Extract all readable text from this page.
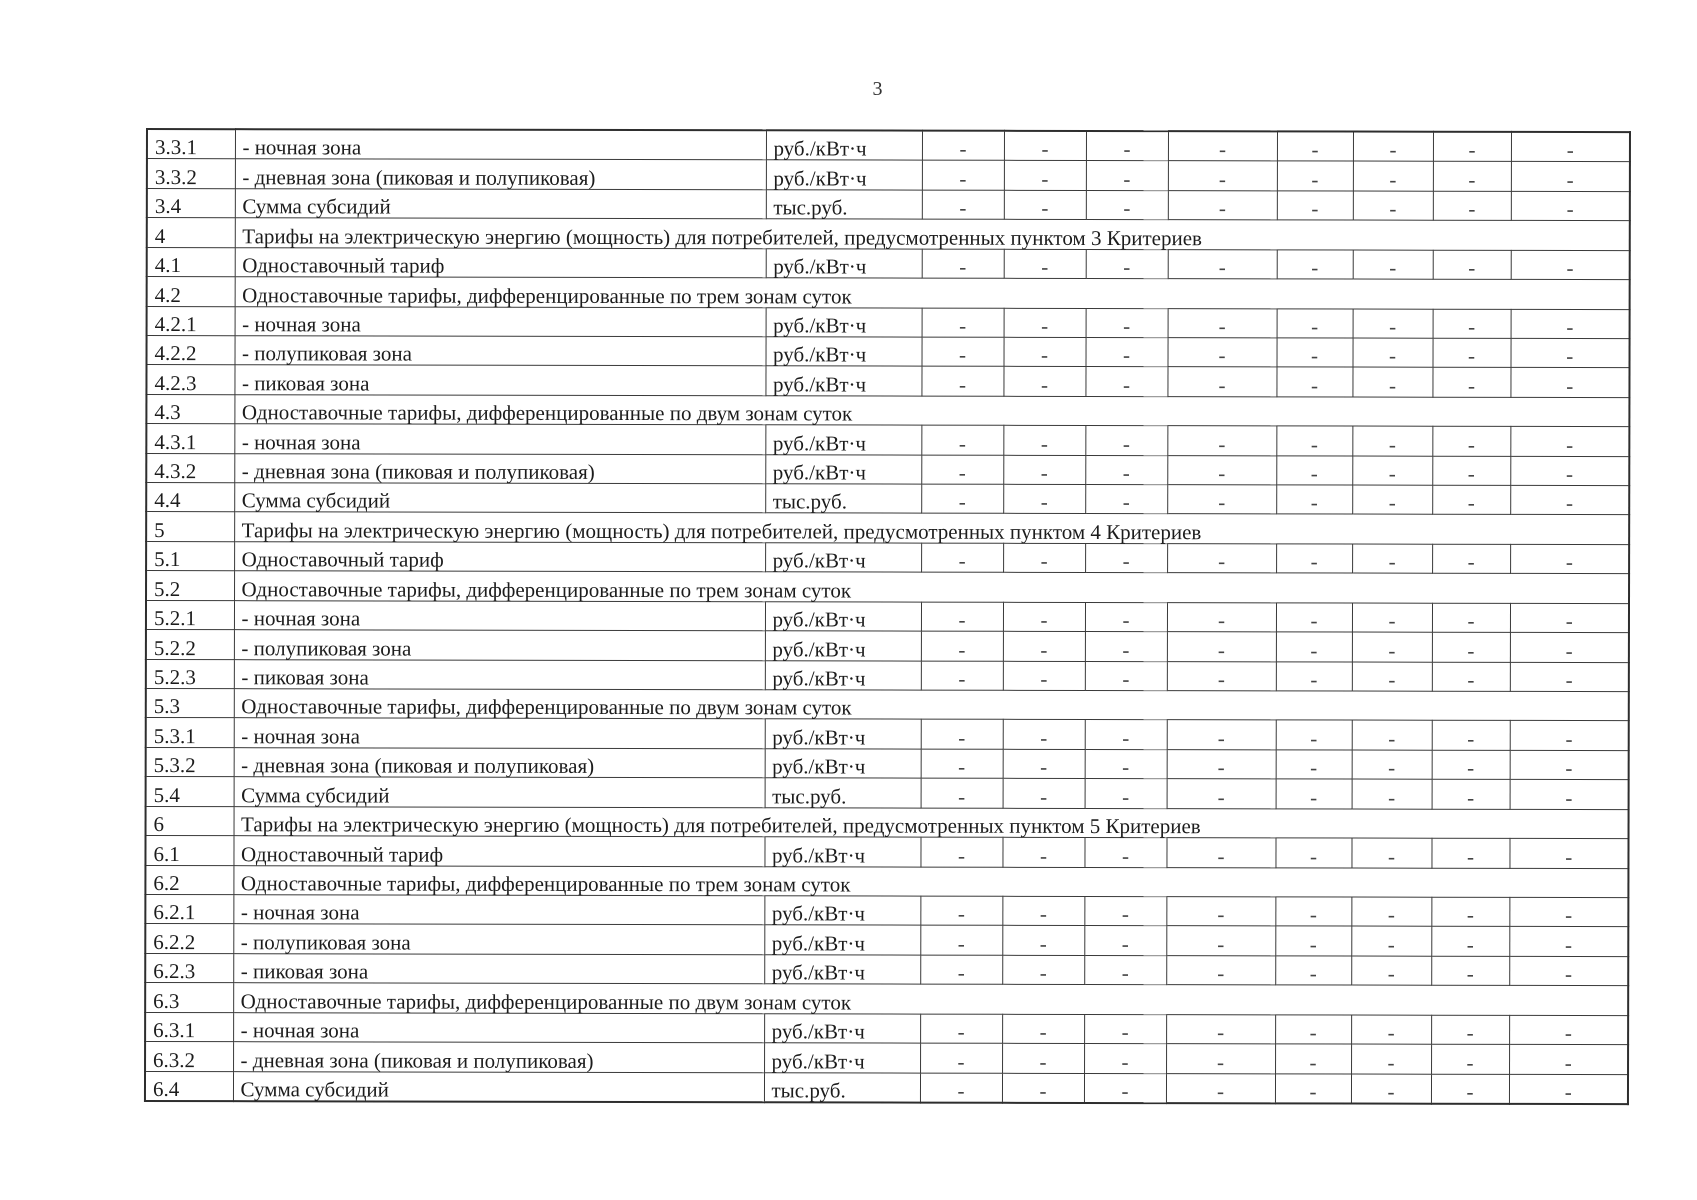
3
3.3.1	- ночная зона	руб./кВт·ч	-	-	-	-	-	-	-	-
3.3.2	- дневная зона (пиковая и полупиковая)	руб./кВт·ч	-	-	-	-	-	-	-	-
3.4	Сумма субсидий	тыс.руб.	-	-	-	-	-	-	-	-
4	Тарифы на электрическую энергию (мощность) для потребителей, предусмотренных пунктом 3 Критериев									
4.1	Одноставочный тариф	руб./кВт·ч	-	-	-	-	-	-	-	-
4.2	Одноставочные тарифы, дифференцированные по трем зонам суток									
4.2.1	- ночная зона	руб./кВт·ч	-	-	-	-	-	-	-	-
4.2.2	- полупиковая зона	руб./кВт·ч	-	-	-	-	-	-	-	-
4.2.3	- пиковая зона	руб./кВт·ч	-	-	-	-	-	-	-	-
4.3	Одноставочные тарифы, дифференцированные по двум зонам суток									
4.3.1	- ночная зона	руб./кВт·ч	-	-	-	-	-	-	-	-
4.3.2	- дневная зона (пиковая и полупиковая)	руб./кВт·ч	-	-	-	-	-	-	-	-
4.4	Сумма субсидий	тыс.руб.	-	-	-	-	-	-	-	-
5	Тарифы на электрическую энергию (мощность) для потребителей, предусмотренных пунктом 4 Критериев									
5.1	Одноставочный тариф	руб./кВт·ч	-	-	-	-	-	-	-	-
5.2	Одноставочные тарифы, дифференцированные по трем зонам суток									
5.2.1	- ночная зона	руб./кВт·ч	-	-	-	-	-	-	-	-
5.2.2	- полупиковая зона	руб./кВт·ч	-	-	-	-	-	-	-	-
5.2.3	- пиковая зона	руб./кВт·ч	-	-	-	-	-	-	-	-
5.3	Одноставочные тарифы, дифференцированные по двум зонам суток									
5.3.1	- ночная зона	руб./кВт·ч	-	-	-	-	-	-	-	-
5.3.2	- дневная зона (пиковая и полупиковая)	руб./кВт·ч	-	-	-	-	-	-	-	-
5.4	Сумма субсидий	тыс.руб.	-	-	-	-	-	-	-	-
6	Тарифы на электрическую энергию (мощность) для потребителей, предусмотренных пунктом 5 Критериев									
6.1	Одноставочный тариф	руб./кВт·ч	-	-	-	-	-	-	-	-
6.2	Одноставочные тарифы, дифференцированные по трем зонам суток									
6.2.1	- ночная зона	руб./кВт·ч	-	-	-	-	-	-	-	-
6.2.2	- полупиковая зона	руб./кВт·ч	-	-	-	-	-	-	-	-
6.2.3	- пиковая зона	руб./кВт·ч	-	-	-	-	-	-	-	-
6.3	Одноставочные тарифы, дифференцированные по двум зонам суток									
6.3.1	- ночная зона	руб./кВт·ч	-	-	-	-	-	-	-	-
6.3.2	- дневная зона (пиковая и полупиковая)	руб./кВт·ч	-	-	-	-	-	-	-	-
6.4	Сумма субсидий	тыс.руб.	-	-	-	-	-	-	-	-
